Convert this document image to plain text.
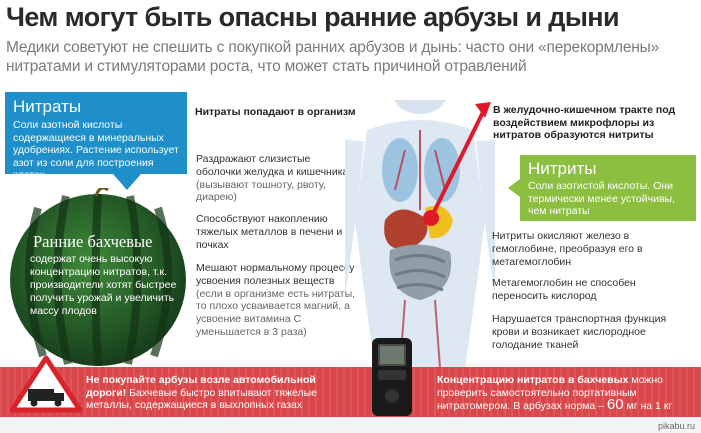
Чем могут быть опасны ранние арбузы и дыни
Медики советуют не спешить с покупкой ранних арбузов и дынь: часто они «перекормлены» нитратами и стимуляторами роста, что может стать причиной отравлений
Нитраты
Соли азотной кислоты содержащиеся в минеральных удобрениях. Растение использует азот из соли для построения клеток
Ранние бахчевые
содержат очень высокую концентрацию нитратов, т.к. производители хотят быстрее получить урожай и увеличить массу плодов
Нитраты попадают в организм
Раздражают слизистые оболочки желудка и кишечника (вызывают тошноту, рвоту, диарею)
Способствуют накоплению тяжелых металлов в печени и почках
Мешают нормальному процессу усвоения полезных веществ (если в организме есть нитраты, то плохо усваивается магний, а усвоение витамина С уменьшается в 3 раза)
В желудочно-кишечном тракте под воздействием микрофлоры из нитратов образуются нитриты
Нитриты
Соли азотистой кислоты. Они термически менее устойчивы, чем нитраты
Нитриты окисляют железо в гемоглобине, преобразуя его в метагемоглобин
Метагемоглобин не способен переносить кислород
Нарушается транспортная функция крови и возникает кислородное голодание тканей
Не покупайте арбузы возле автомобильной дороги! Бахчевые быстро впитывают тяжелые металлы, содержащиеся в выхлопных газах
Концентрацию нитратов в бахчевых можно проверить самостоятельно портативным нитратомером. В арбузах норма – 60 мг на 1 кг
pikabu.ru
